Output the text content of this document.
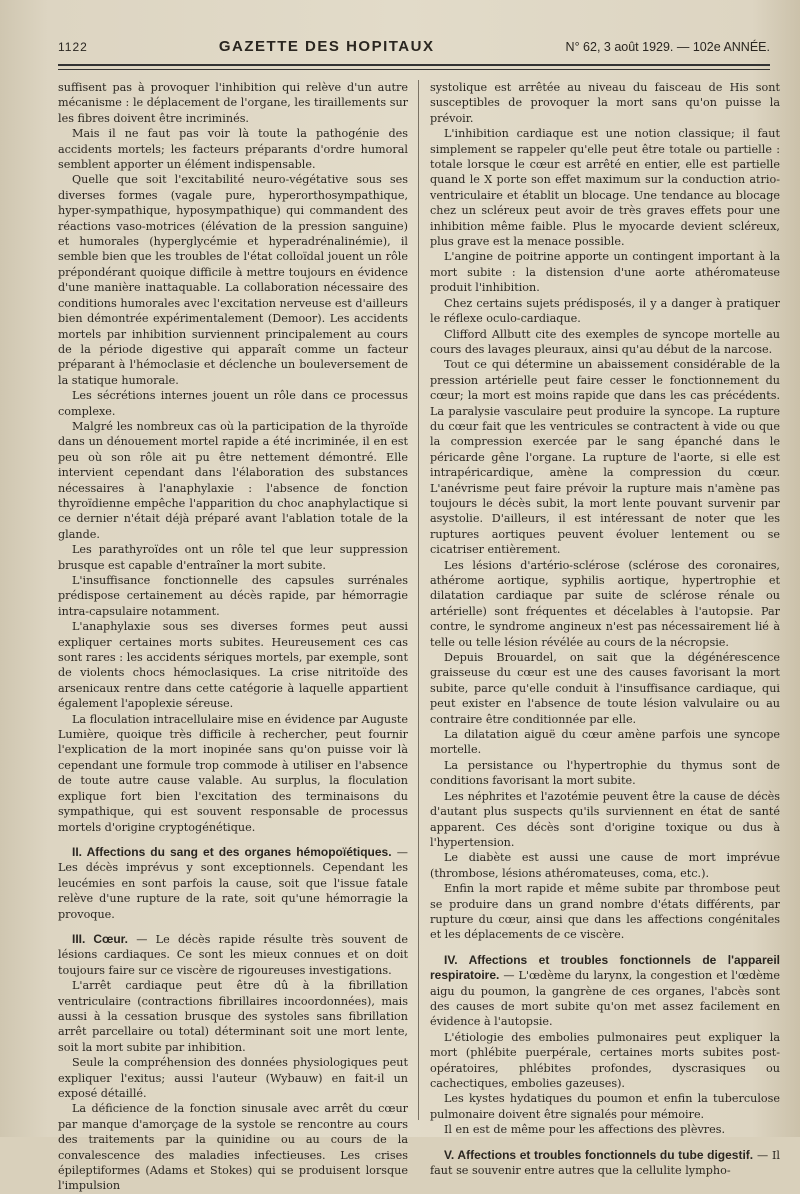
1122	GAZETTE DES HOPITAUX	N° 62, 3 août 1929. — 102e ANNÉE.

suffisent pas à provoquer l'inhibition qui relève d'un autre mécanisme : le déplacement de l'organe, les tiraillements sur les fibres doivent être incriminés.

Mais il ne faut pas voir là toute la pathogénie des accidents mortels; les facteurs préparants d'ordre humoral semblent apporter un élément indispensable.

Quelle que soit l'excitabilité neuro-végétative sous ses diverses formes (vagale pure, hyperorthosympathique, hyper-sympathique, hyposympathique) qui commandent des réactions vaso-motrices (élévation de la pression sanguine) et humorales (hyperglycémie et hyperadrénalinémie), il semble bien que les troubles de l'état colloïdal jouent un rôle prépondérant quoique difficile à mettre toujours en évidence d'une manière inattaquable. La collaboration nécessaire des conditions humorales avec l'excitation nerveuse est d'ailleurs bien démontrée expérimentalement (Demoor). Les accidents mortels par inhibition surviennent principalement au cours de la période digestive qui apparaît comme un facteur préparant à l'hémoclasie et déclenche un bouleversement de la statique humorale.

Les sécrétions internes jouent un rôle dans ce processus complexe.

Malgré les nombreux cas où la participation de la thyroïde dans un dénouement mortel rapide a été incriminée, il en est peu où son rôle ait pu être nettement démontré. Elle intervient cependant dans l'élaboration des substances nécessaires à l'anaphylaxie : l'absence de fonction thyroïdienne empêche l'apparition du choc anaphylactique si ce dernier n'était déjà préparé avant l'ablation totale de la glande.

Les parathyroïdes ont un rôle tel que leur suppression brusque est capable d'entraîner la mort subite.

L'insuffisance fonctionnelle des capsules surrénales prédispose certainement au décès rapide, par hémorragie intra-capsulaire notamment.

L'anaphylaxie sous ses diverses formes peut aussi expliquer certaines morts subites. Heureusement ces cas sont rares : les accidents sériques mortels, par exemple, sont de violents chocs hémoclasiques. La crise nitritoïde des arsenicaux rentre dans cette catégorie à laquelle appartient également l'apoplexie séreuse.

La floculation intracellulaire mise en évidence par Auguste Lumière, quoique très difficile à rechercher, peut fournir l'explication de la mort inopinée sans qu'on puisse voir là cependant une formule trop commode à utiliser en l'absence de toute autre cause valable. Au surplus, la floculation explique fort bien l'excitation des terminaisons du sympathique, qui est souvent responsable de processus mortels d'origine cryptogénétique.

II. Affections du sang et des organes hémopoïétiques. — Les décès imprévus y sont exceptionnels. Cependant les leucémies en sont parfois la cause, soit que l'issue fatale relève d'une rupture de la rate, soit qu'une hémorragie la provoque.

III. Cœur. — Le décès rapide résulte très souvent de lésions cardiaques. Ce sont les mieux connues et on doit toujours faire sur ce viscère de rigoureuses investigations.

L'arrêt cardiaque peut être dû à la fibrillation ventriculaire (contractions fibrillaires incoordonnées), mais aussi à la cessation brusque des systoles sans fibrillation arrêt parcellaire ou total) déterminant soit une mort lente, soit la mort subite par inhibition.

Seule la compréhension des données physiologiques peut expliquer l'exitus; aussi l'auteur (Wybauw) en fait-il un exposé détaillé.

La déficience de la fonction sinusale avec arrêt du cœur par manque d'amorçage de la systole se rencontre au cours des traitements par la quinidine ou au cours de la convalescence des maladies infectieuses. Les crises épileptiformes (Adams et Stokes) qui se produisent lorsque l'impulsion

systolique est arrêtée au niveau du faisceau de His sont susceptibles de provoquer la mort sans qu'on puisse la prévoir.

L'inhibition cardiaque est une notion classique; il faut simplement se rappeler qu'elle peut être totale ou partielle : totale lorsque le cœur est arrêté en entier, elle est partielle quand le X porte son effet maximum sur la conduction atrio-ventriculaire et établit un blocage. Une tendance au blocage chez un scléreux peut avoir de très graves effets pour une inhibition même faible. Plus le myocarde devient scléreux, plus grave est la menace possible.

L'angine de poitrine apporte un contingent important à la mort subite : la distension d'une aorte athéromateuse produit l'inhibition.

Chez certains sujets prédisposés, il y a danger à pratiquer le réflexe oculo-cardiaque.

Clifford Allbutt cite des exemples de syncope mortelle au cours des lavages pleuraux, ainsi qu'au début de la narcose.

Tout ce qui détermine un abaissement considérable de la pression artérielle peut faire cesser le fonctionnement du cœur; la mort est moins rapide que dans les cas précédents. La paralysie vasculaire peut produire la syncope. La rupture du cœur fait que les ventricules se contractent à vide ou que la compression exercée par le sang épanché dans le péricarde gêne l'organe. La rupture de l'aorte, si elle est intrapéricardique, amène la compression du cœur. L'anévrisme peut faire prévoir la rupture mais n'amène pas toujours le décès subit, la mort lente pouvant survenir par asystolie. D'ailleurs, il est intéressant de noter que les ruptures aortiques peuvent évoluer lentement ou se cicatriser entièrement.

Les lésions d'artério-sclérose (sclérose des coronaires, athérome aortique, syphilis aortique, hypertrophie et dilatation cardiaque par suite de sclérose rénale ou artérielle) sont fréquentes et décelables à l'autopsie. Par contre, le syndrome angineux n'est pas nécessairement lié à telle ou telle lésion révélée au cours de la nécropsie.

Depuis Brouardel, on sait que la dégénérescence graisseuse du cœur est une des causes favorisant la mort subite, parce qu'elle conduit à l'insuffisance cardiaque, qui peut exister en l'absence de toute lésion valvulaire ou au contraire être conditionnée par elle.

La dilatation aiguë du cœur amène parfois une syncope mortelle.

La persistance ou l'hypertrophie du thymus sont de conditions favorisant la mort subite.

Les néphrites et l'azotémie peuvent être la cause de décès d'autant plus suspects qu'ils surviennent en état de santé apparent. Ces décès sont d'origine toxique ou dus à l'hypertension.

Le diabète est aussi une cause de mort imprévue (thrombose, lésions athéromateuses, coma, etc.).

Enfin la mort rapide et même subite par thrombose peut se produire dans un grand nombre d'états différents, par rupture du cœur, ainsi que dans les affections congénitales et les déplacements de ce viscère.

IV. Affections et troubles fonctionnels de l'appareil respiratoire. — L'œdème du larynx, la congestion et l'œdème aigu du poumon, la gangrène de ces organes, l'abcès sont des causes de mort subite qu'on met assez facilement en évidence à l'autopsie.

L'étiologie des embolies pulmonaires peut expliquer la mort (phlébite puerpérale, certaines morts subites post-opératoires, phlébites profondes, dyscrasiques ou cachectiques, embolies gazeuses).

Les kystes hydatiques du poumon et enfin la tuberculose pulmonaire doivent être signalés pour mémoire.

Il en est de même pour les affections des plèvres.

V. Affections et troubles fonctionnels du tube digestif. — Il faut se souvenir entre autres que la cellulite lympho-
